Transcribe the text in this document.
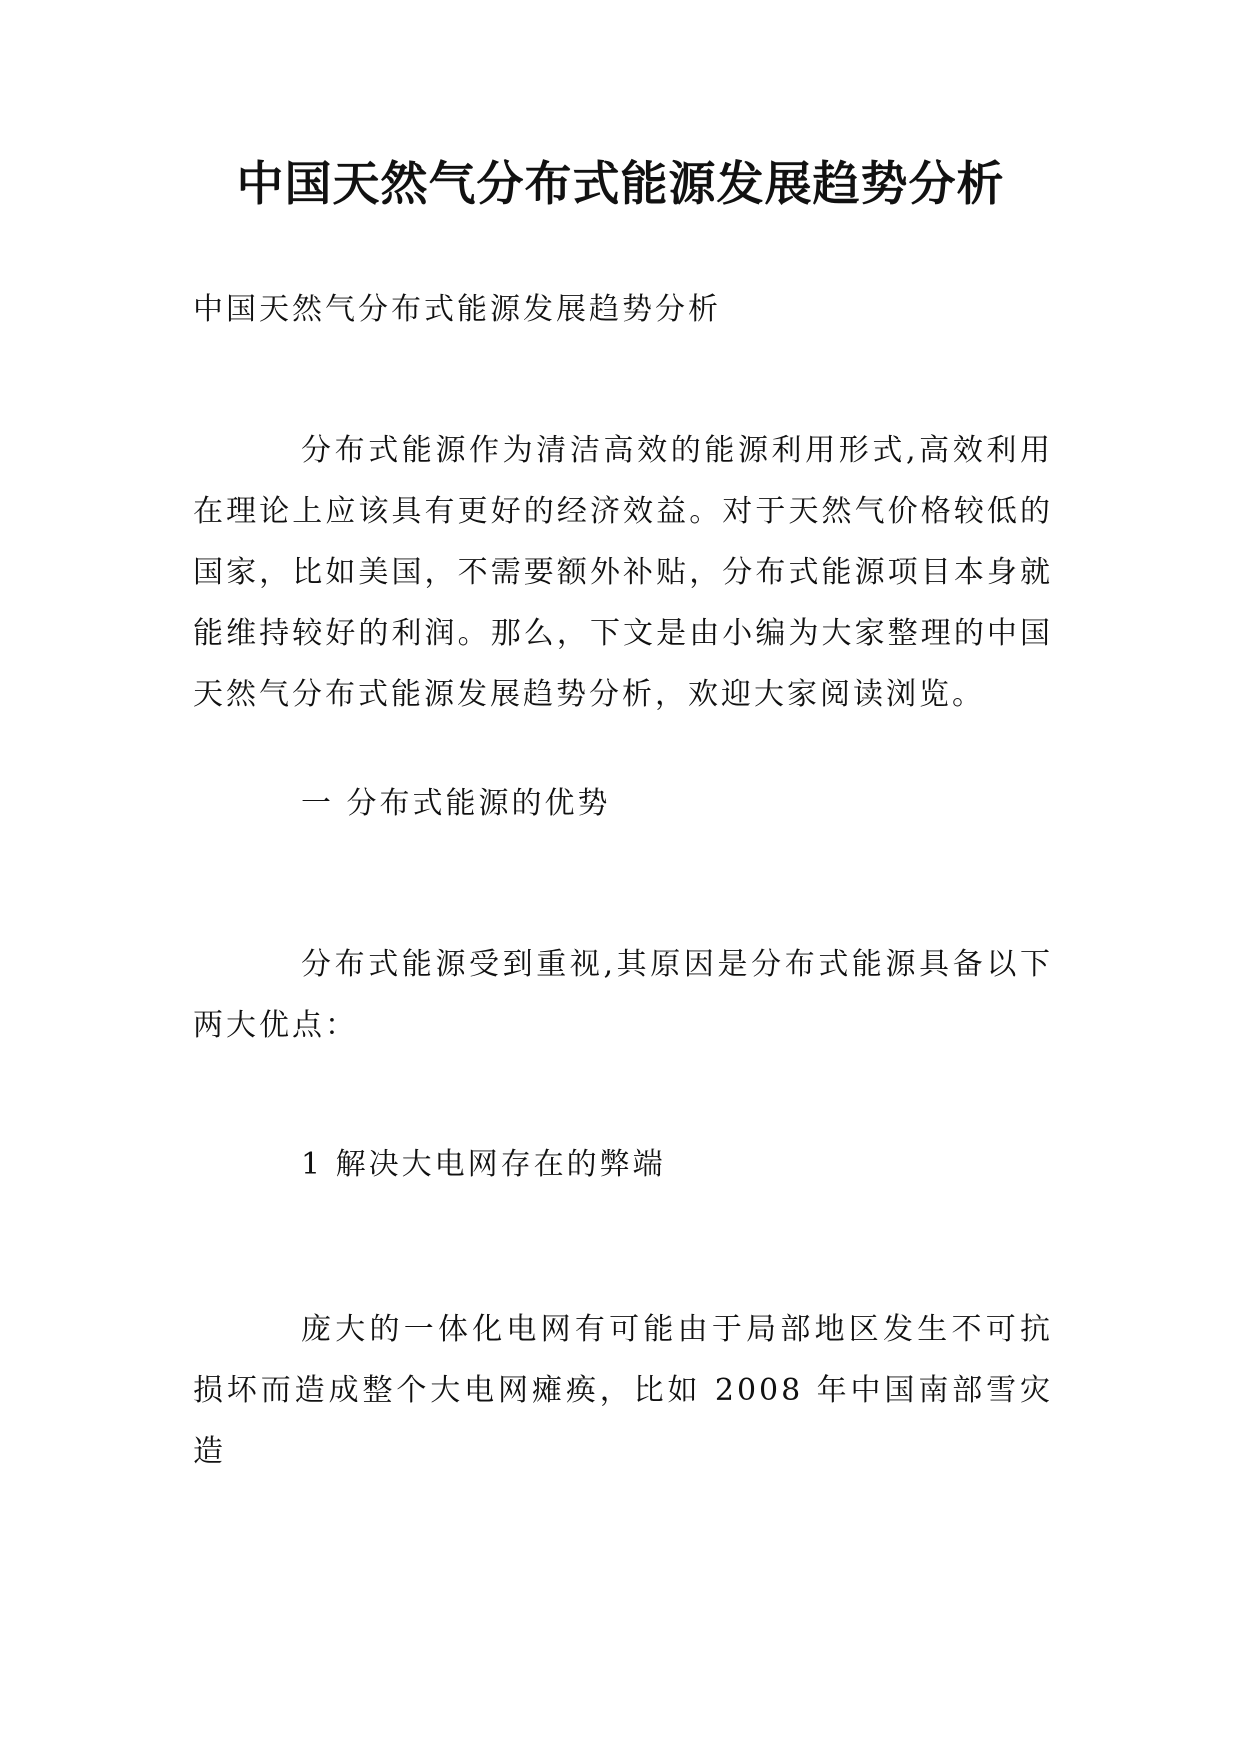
中国天然气分布式能源发展趋势分析
中国天然气分布式能源发展趋势分析

分布式能源作为清洁高效的能源利用形式,高效利用在理论上应该具有更好的经济效益。对于天然气价格较低的国家，比如美国，不需要额外补贴，分布式能源项目本身就能维持较好的利润。那么，下文是由小编为大家整理的中国天然气分布式能源发展趋势分析，欢迎大家阅读浏览。

一 分布式能源的优势

分布式能源受到重视,其原因是分布式能源具备以下两大优点：

1 解决大电网存在的弊端

庞大的一体化电网有可能由于局部地区发生不可抗损坏而造成整个大电网瘫痪，比如 2008 年中国南部雪灾造
